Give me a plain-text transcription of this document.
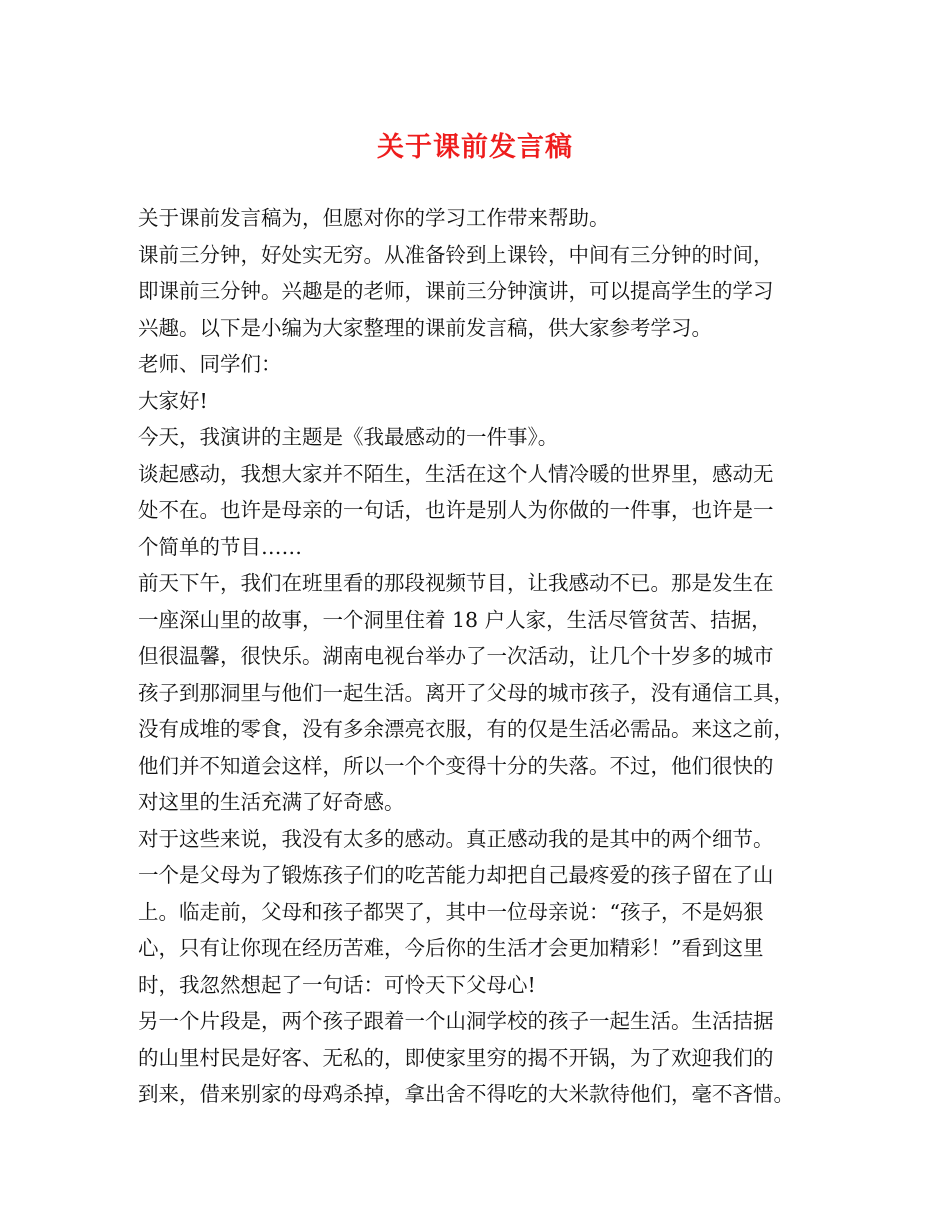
关于课前发言稿
关于课前发言稿为，但愿对你的学习工作带来帮助。
课前三分钟，好处实无穷。从准备铃到上课铃，中间有三分钟的时间，
即课前三分钟。兴趣是的老师，课前三分钟演讲，可以提高学生的学习
兴趣。以下是小编为大家整理的课前发言稿，供大家参考学习。
老师、同学们：
大家好!
今天，我演讲的主题是《我最感动的一件事》。
谈起感动，我想大家并不陌生，生活在这个人情冷暖的世界里，感动无
处不在。也许是母亲的一句话，也许是别人为你做的一件事，也许是一
个简单的节目……
前天下午，我们在班里看的那段视频节目，让我感动不已。那是发生在
一座深山里的故事，一个洞里住着 18 户人家，生活尽管贫苦、拮据，
但很温馨，很快乐。湖南电视台举办了一次活动，让几个十岁多的城市
孩子到那洞里与他们一起生活。离开了父母的城市孩子，没有通信工具，
没有成堆的零食，没有多余漂亮衣服，有的仅是生活必需品。来这之前，
他们并不知道会这样，所以一个个变得十分的失落。不过，他们很快的
对这里的生活充满了好奇感。
对于这些来说，我没有太多的感动。真正感动我的是其中的两个细节。
一个是父母为了锻炼孩子们的吃苦能力却把自己最疼爱的孩子留在了山
上。临走前，父母和孩子都哭了，其中一位母亲说：“孩子，不是妈狠
心，只有让你现在经历苦难，今后你的生活才会更加精彩！”看到这里
时，我忽然想起了一句话：可怜天下父母心!
另一个片段是，两个孩子跟着一个山洞学校的孩子一起生活。生活拮据
的山里村民是好客、无私的，即使家里穷的揭不开锅，为了欢迎我们的
到来，借来别家的母鸡杀掉，拿出舍不得吃的大米款待他们，毫不吝惜。
